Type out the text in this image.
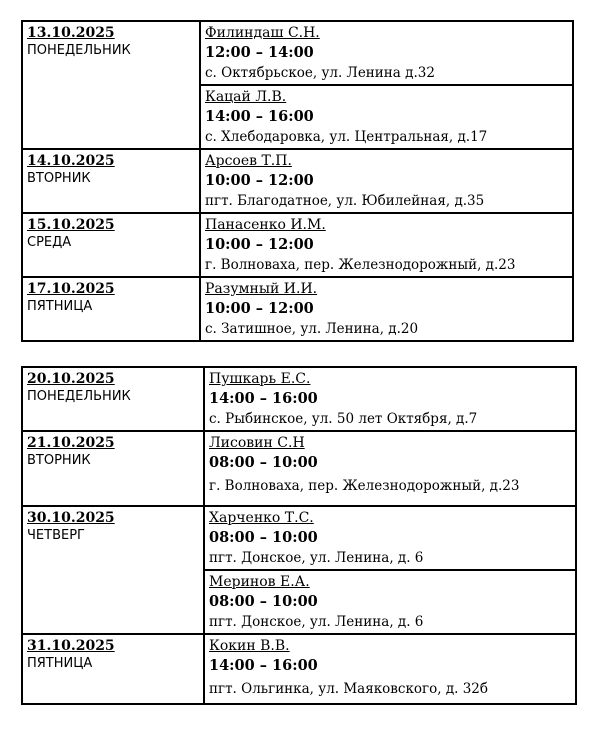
13.10.2025
ПОНЕДЕЛЬНИК	Филиндаш С.Н.
12:00 – 14:00
с. Октябрьское, ул. Ленина д.32

	Кацай Л.В.
14:00 – 16:00
с. Хлебодаровка, ул. Центральная, д.17

14.10.2025
ВТОРНИК	Арсоев Т.П.
10:00 – 12:00
пгт. Благодатное, ул. Юбилейная, д.35

15.10.2025
СРЕДА	Панасенко И.М.
10:00 – 12:00
г. Волноваха, пер. Железнодорожный, д.23

17.10.2025
ПЯТНИЦА	Разумный И.И.
10:00 – 12:00
с. Затишное, ул. Ленина, д.20
20.10.2025
ПОНЕДЕЛЬНИК	Пушкарь Е.С.
14:00 – 16:00
с. Рыбинское, ул. 50 лет Октября, д.7

21.10.2025
ВТОРНИК	Лисовин С.Н
08:00 – 10:00
г. Волноваха, пер. Железнодорожный, д.23

30.10.2025
ЧЕТВЕРГ	Харченко Т.С.
08:00 – 10:00
пгт. Донское, ул. Ленина, д. 6

	Меринов Е.А.
08:00 – 10:00
пгт. Донское, ул. Ленина, д. 6

31.10.2025
ПЯТНИЦА	Кокин В.В.
14:00 – 16:00
пгт. Ольгинка, ул. Маяковского, д. 32б
